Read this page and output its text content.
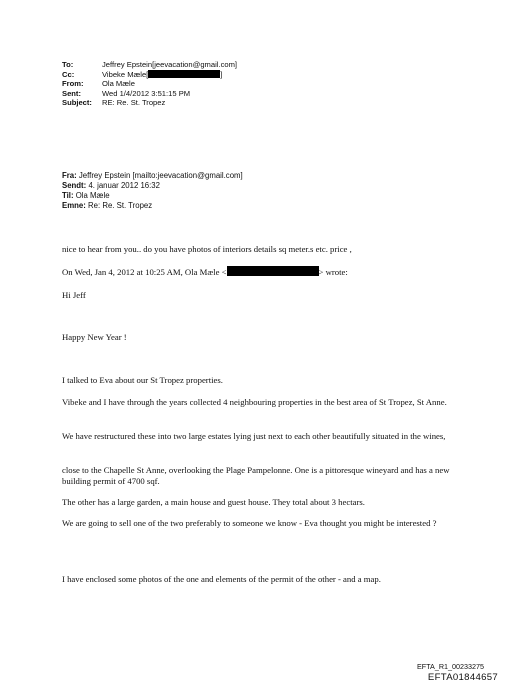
To:	Jeffrey Epstein[jeevacation@gmail.com]
Cc:	Vibeke Mæle[	]
From:	Ola Mæle
Sent:	Wed 1/4/2012 3:51:15 PM
Subject:	RE: Re. St. Tropez
Fra: Jeffrey Epstein [mailto:jeevacation@gmail.com]
Sendt: 4. januar 2012 16:32
Til: Ola Mæle
Emne: Re: Re. St. Tropez

nice to hear from you.. do you have photos of interiors details sq meter.s etc. price ,

On Wed, Jan 4, 2012 at 10:25 AM, Ola Mæle <	> wrote:

Hi Jeff

Happy New Year !

I talked to Eva about our St Tropez properties.

Vibeke and I have through the years collected 4 neighbouring properties in the best area of St Tropez, St Anne.

We have restructured these into two large estates lying just next to each other beautifully situated in the wines,

close to the Chapelle St Anne, overlooking the Plage Pampelonne. One is a pittoresque wineyard and has a new building permit of 4700 sqf.

The other has a large garden, a main house and guest house. They total about 3 hectars.

We are going to sell one of the two preferably to someone we know - Eva thought you might be interested ?

I have enclosed some photos of the one and elements of the permit of the other - and a map.

EFTA_R1_00233275
EFTA01844657
